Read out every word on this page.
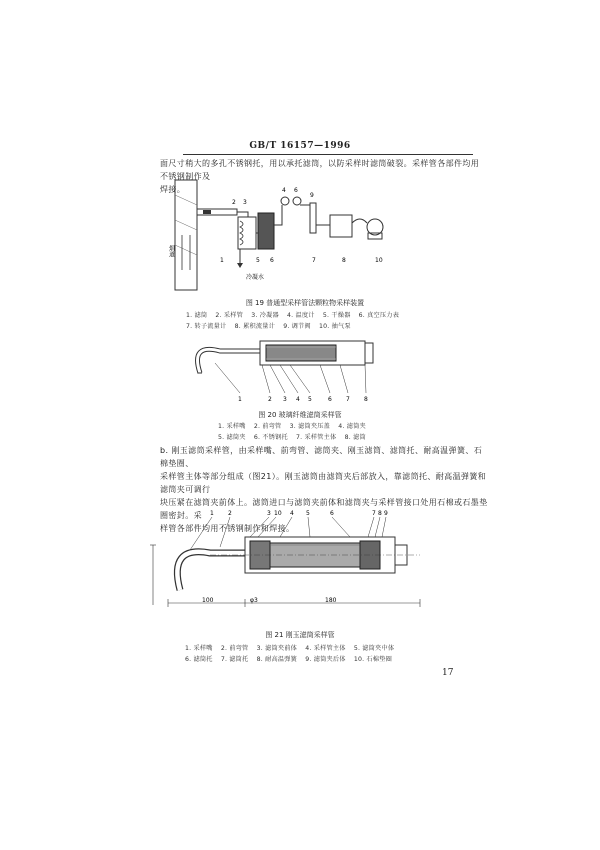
GB/T 16157—1996
面尺寸稍大的多孔不锈钢托，用以承托滤筒，以防采样时滤筒破裂。采样管各部件均用不锈钢制作及
焊接。
2 3
4 6
9
1	5 6	7	8	10
烟道
冷凝水
图 19 普通型采样管法颗粒物采样装置
1. 滤筒 2. 采样管 3. 冷凝器 4. 温度计 5. 干燥器 6. 真空压力表
7. 转子流量计 8. 累积流量计 9. 调节阀 10. 抽气泵
1	2 3 4 5	6 7 8
图 20 玻璃纤维滤筒采样管
1. 采样嘴 2. 前弯管 3. 滤筒夹压盖 4. 滤筒夹
5. 滤筒夹 6. 不锈钢托 7. 采样管主体 8. 滤筒
b. 刚玉滤筒采样管，由采样嘴、前弯管、滤筒夹、刚玉滤筒、滤筒托、耐高温弹簧、石棉垫圈、
采样管主体等部分组成（图21）。刚玉滤筒由滤筒夹后部放入，靠滤筒托、耐高温弹簧和滤筒夹可调行
块压紧在滤筒夹前体上。滤筒进口与滤筒夹前体和滤筒夹与采样管接口处用石棉或石墨垫圈密封。采
样管各部件均用不锈钢制作和焊接。
1 2	3 10 4 5	6	7 8 9
100	φ3	180
图 21 刚玉滤筒采样管
1. 采样嘴 2. 前弯管 3. 滤筒夹前体 4. 采样管主体 5. 滤筒夹中体
6. 滤筒托 7. 滤筒托 8. 耐高温弹簧 9. 滤筒夹后体 10. 石棉垫圈
17
